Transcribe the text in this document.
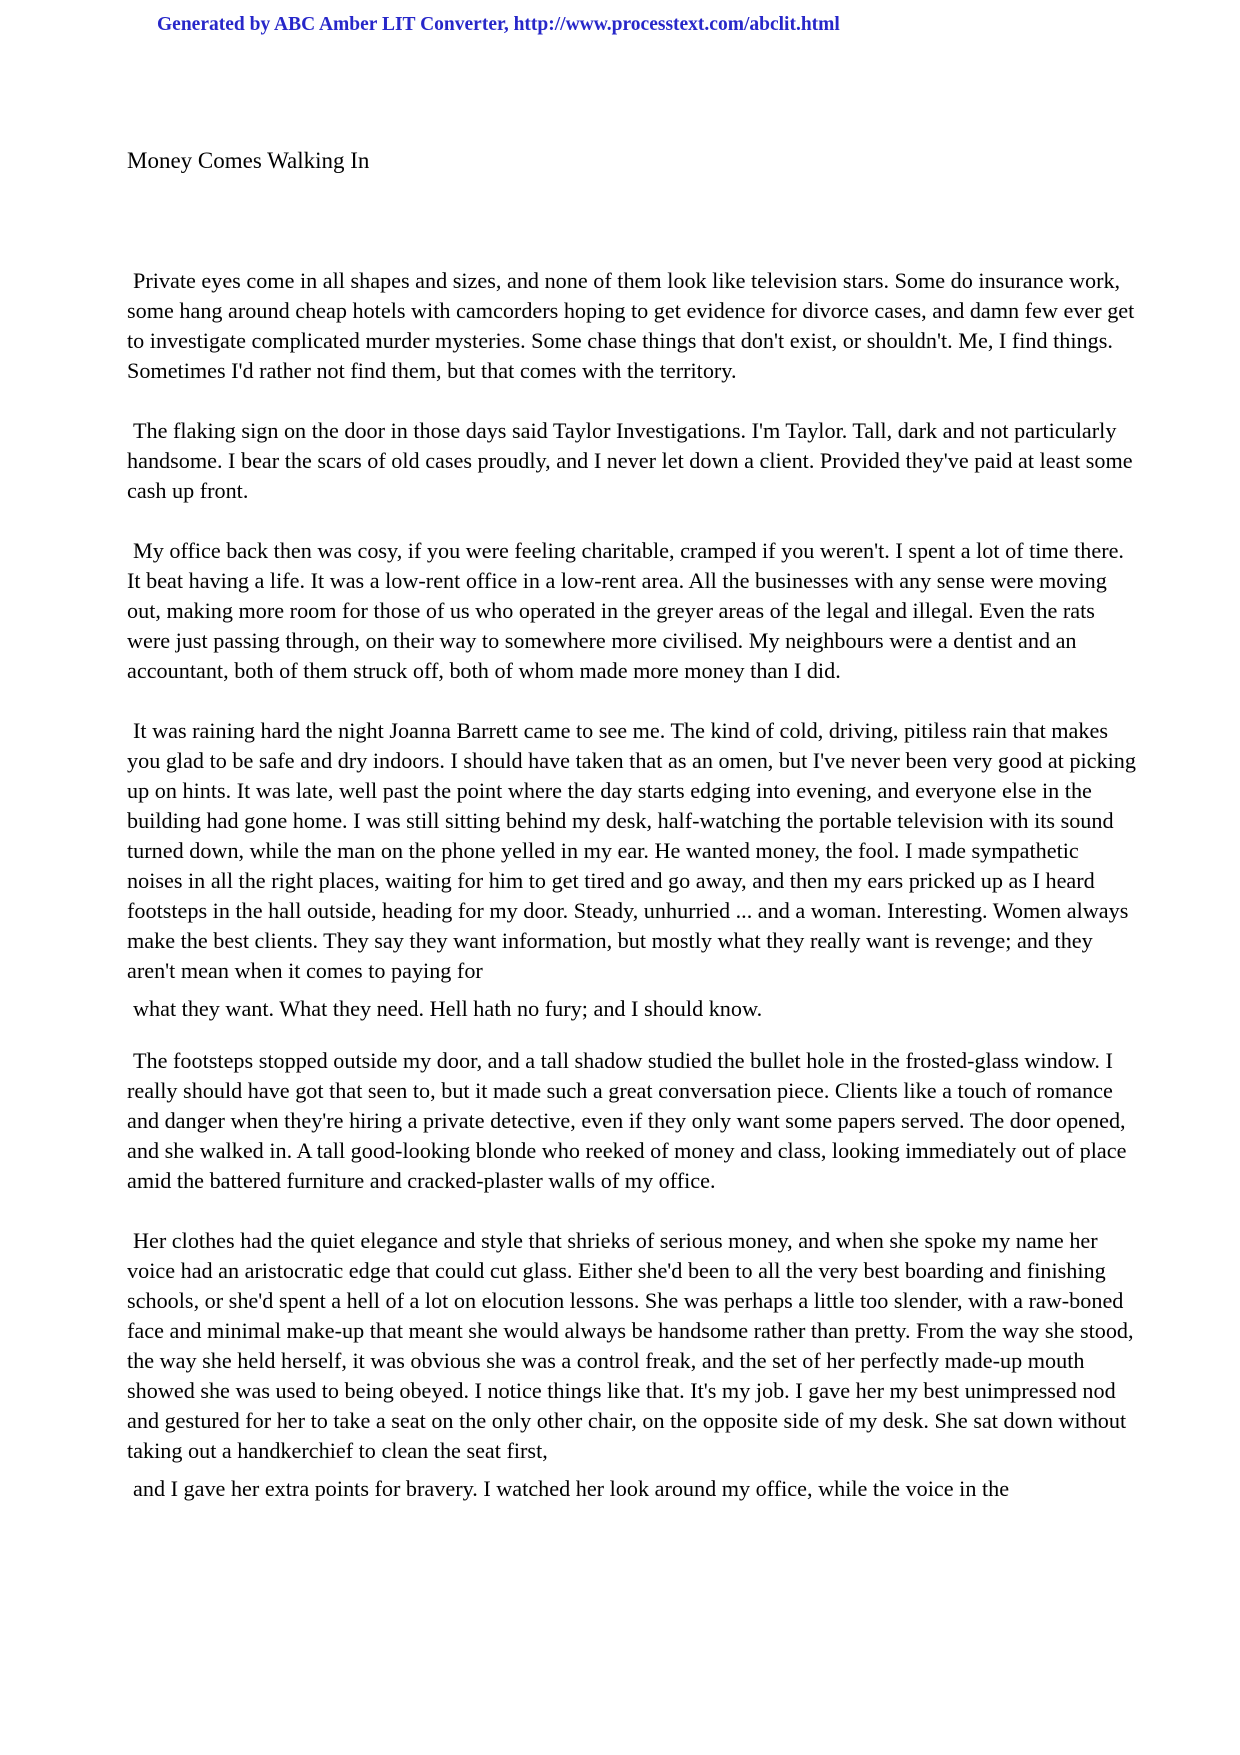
Generated by ABC Amber LIT Converter, http://www.processtext.com/abclit.html
Money Comes Walking In

Private eyes come in all shapes and sizes, and none of them look like television stars. Some do insurance work, some hang around cheap hotels with camcorders hoping to get evidence for divorce cases, and damn few ever get to investigate complicated murder mysteries. Some chase things that don't exist, or shouldn't. Me, I find things. Sometimes I'd rather not find them, but that comes with the territory.

The flaking sign on the door in those days said Taylor Investigations. I'm Taylor. Tall, dark and not particularly handsome. I bear the scars of old cases proudly, and I never let down a client. Provided they've paid at least some cash up front.

My office back then was cosy, if you were feeling charitable, cramped if you weren't. I spent a lot of time there. It beat having a life. It was a low-rent office in a low-rent area. All the businesses with any sense were moving out, making more room for those of us who operated in the greyer areas of the legal and illegal. Even the rats were just passing through, on their way to somewhere more civilised. My neighbours were a dentist and an accountant, both of them struck off, both of whom made more money than I did.

It was raining hard the night Joanna Barrett came to see me. The kind of cold, driving, pitiless rain that makes you glad to be safe and dry indoors. I should have taken that as an omen, but I've never been very good at picking up on hints. It was late, well past the point where the day starts edging into evening, and everyone else in the building had gone home. I was still sitting behind my desk, half-watching the portable television with its sound turned down, while the man on the phone yelled in my ear. He wanted money, the fool. I made sympathetic noises in all the right places, waiting for him to get tired and go away, and then my ears pricked up as I heard footsteps in the hall outside, heading for my door. Steady, unhurried ... and a woman. Interesting. Women always make the best clients. They say they want information, but mostly what they really want is revenge; and they aren't mean when it comes to paying for

what they want. What they need. Hell hath no fury; and I should know.

The footsteps stopped outside my door, and a tall shadow studied the bullet hole in the frosted-glass window. I really should have got that seen to, but it made such a great conversation piece. Clients like a touch of romance and danger when they're hiring a private detective, even if they only want some papers served. The door opened, and she walked in. A tall good-looking blonde who reeked of money and class, looking immediately out of place amid the battered furniture and cracked-plaster walls of my office.

Her clothes had the quiet elegance and style that shrieks of serious money, and when she spoke my name her voice had an aristocratic edge that could cut glass. Either she'd been to all the very best boarding and finishing schools, or she'd spent a hell of a lot on elocution lessons. She was perhaps a little too slender, with a raw-boned face and minimal make-up that meant she would always be handsome rather than pretty. From the way she stood, the way she held herself, it was obvious she was a control freak, and the set of her perfectly made-up mouth showed she was used to being obeyed. I notice things like that. It's my job. I gave her my best unimpressed nod and gestured for her to take a seat on the only other chair, on the opposite side of my desk. She sat down without taking out a handkerchief to clean the seat first,

and I gave her extra points for bravery. I watched her look around my office, while the voice in the
